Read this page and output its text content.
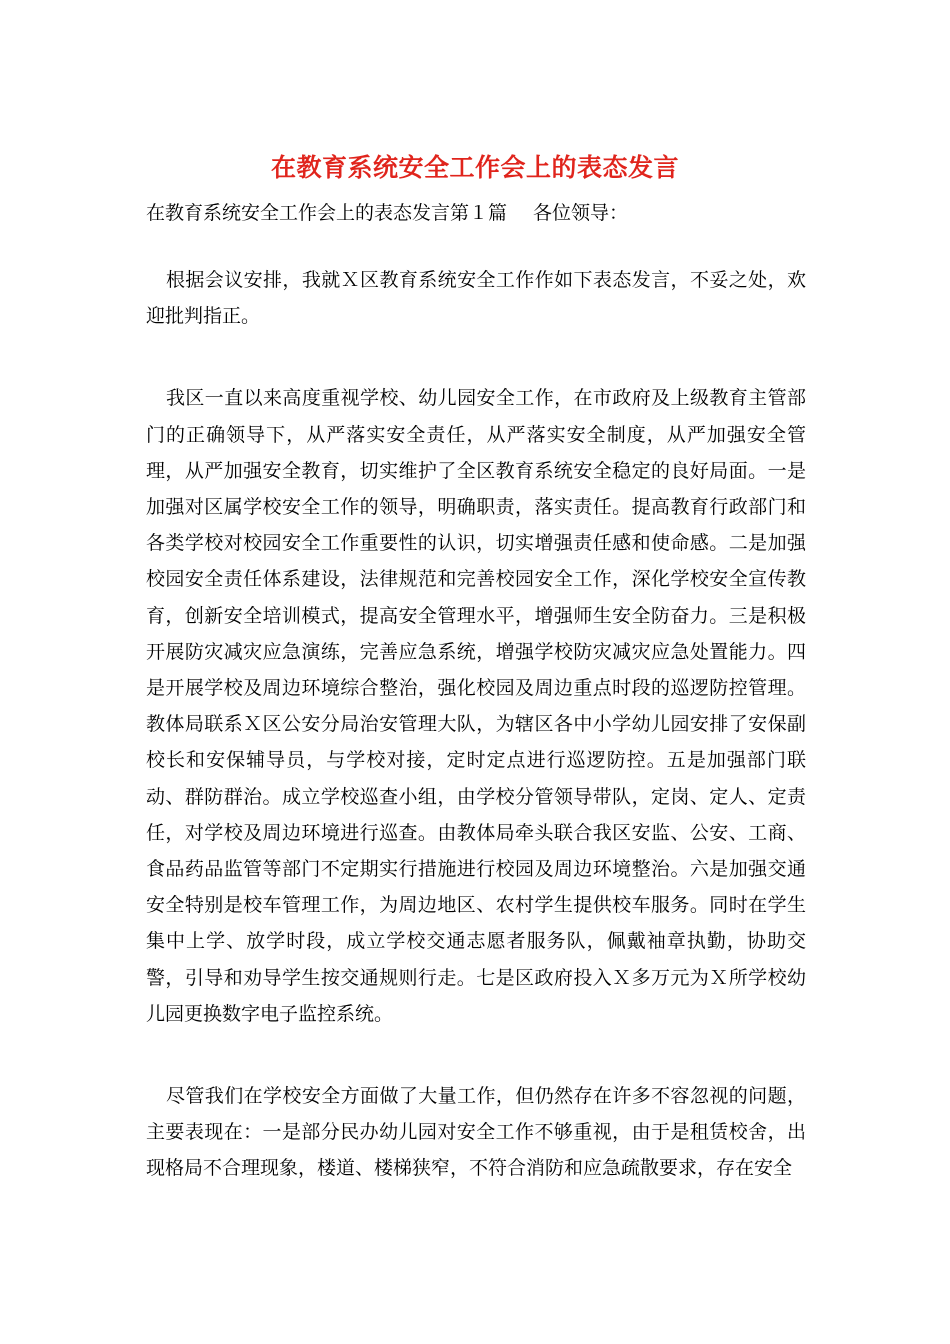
在教育系统安全工作会上的表态发言
在教育系统安全工作会上的表态发言第１篇 各位领导：

根据会议安排，我就Ｘ区教育系统安全工作作如下表态发言，不妥之处，欢迎批判指正。

我区一直以来高度重视学校、幼儿园安全工作，在市政府及上级教育主管部门的正确领导下，从严落实安全责任，从严落实安全制度，从严加强安全管理，从严加强安全教育，切实维护了全区教育系统安全稳定的良好局面。一是加强对区属学校安全工作的领导，明确职责，落实责任。提高教育行政部门和各类学校对校园安全工作重要性的认识，切实增强责任感和使命感。二是加强校园安全责任体系建设，法律规范和完善校园安全工作，深化学校安全宣传教育，创新安全培训模式，提高安全管理水平，增强师生安全防奋力。三是积极开展防灾减灾应急演练，完善应急系统，增强学校防灾减灾应急处置能力。四是开展学校及周边环境综合整治，强化校园及周边重点时段的巡逻防控管理。教体局联系Ｘ区公安分局治安管理大队，为辖区各中小学幼儿园安排了安保副校长和安保辅导员，与学校对接，定时定点进行巡逻防控。五是加强部门联动、群防群治。成立学校巡查小组，由学校分管领导带队，定岗、定人、定责任，对学校及周边环境进行巡查。由教体局牵头联合我区安监、公安、工商、食品药品监管等部门不定期实行措施进行校园及周边环境整治。六是加强交通安全特别是校车管理工作，为周边地区、农村学生提供校车服务。同时在学生集中上学、放学时段，成立学校交通志愿者服务队，佩戴袖章执勤，协助交警，引导和劝导学生按交通规则行走。七是区政府投入Ｘ多万元为Ｘ所学校幼儿园更换数字电子监控系统。

尽管我们在学校安全方面做了大量工作，但仍然存在许多不容忽视的问题，主要表现在：一是部分民办幼儿园对安全工作不够重视，由于是租赁校舍，出现格局不合理现象，楼道、楼梯狭窄，不符合消防和应急疏散要求，存在安全
